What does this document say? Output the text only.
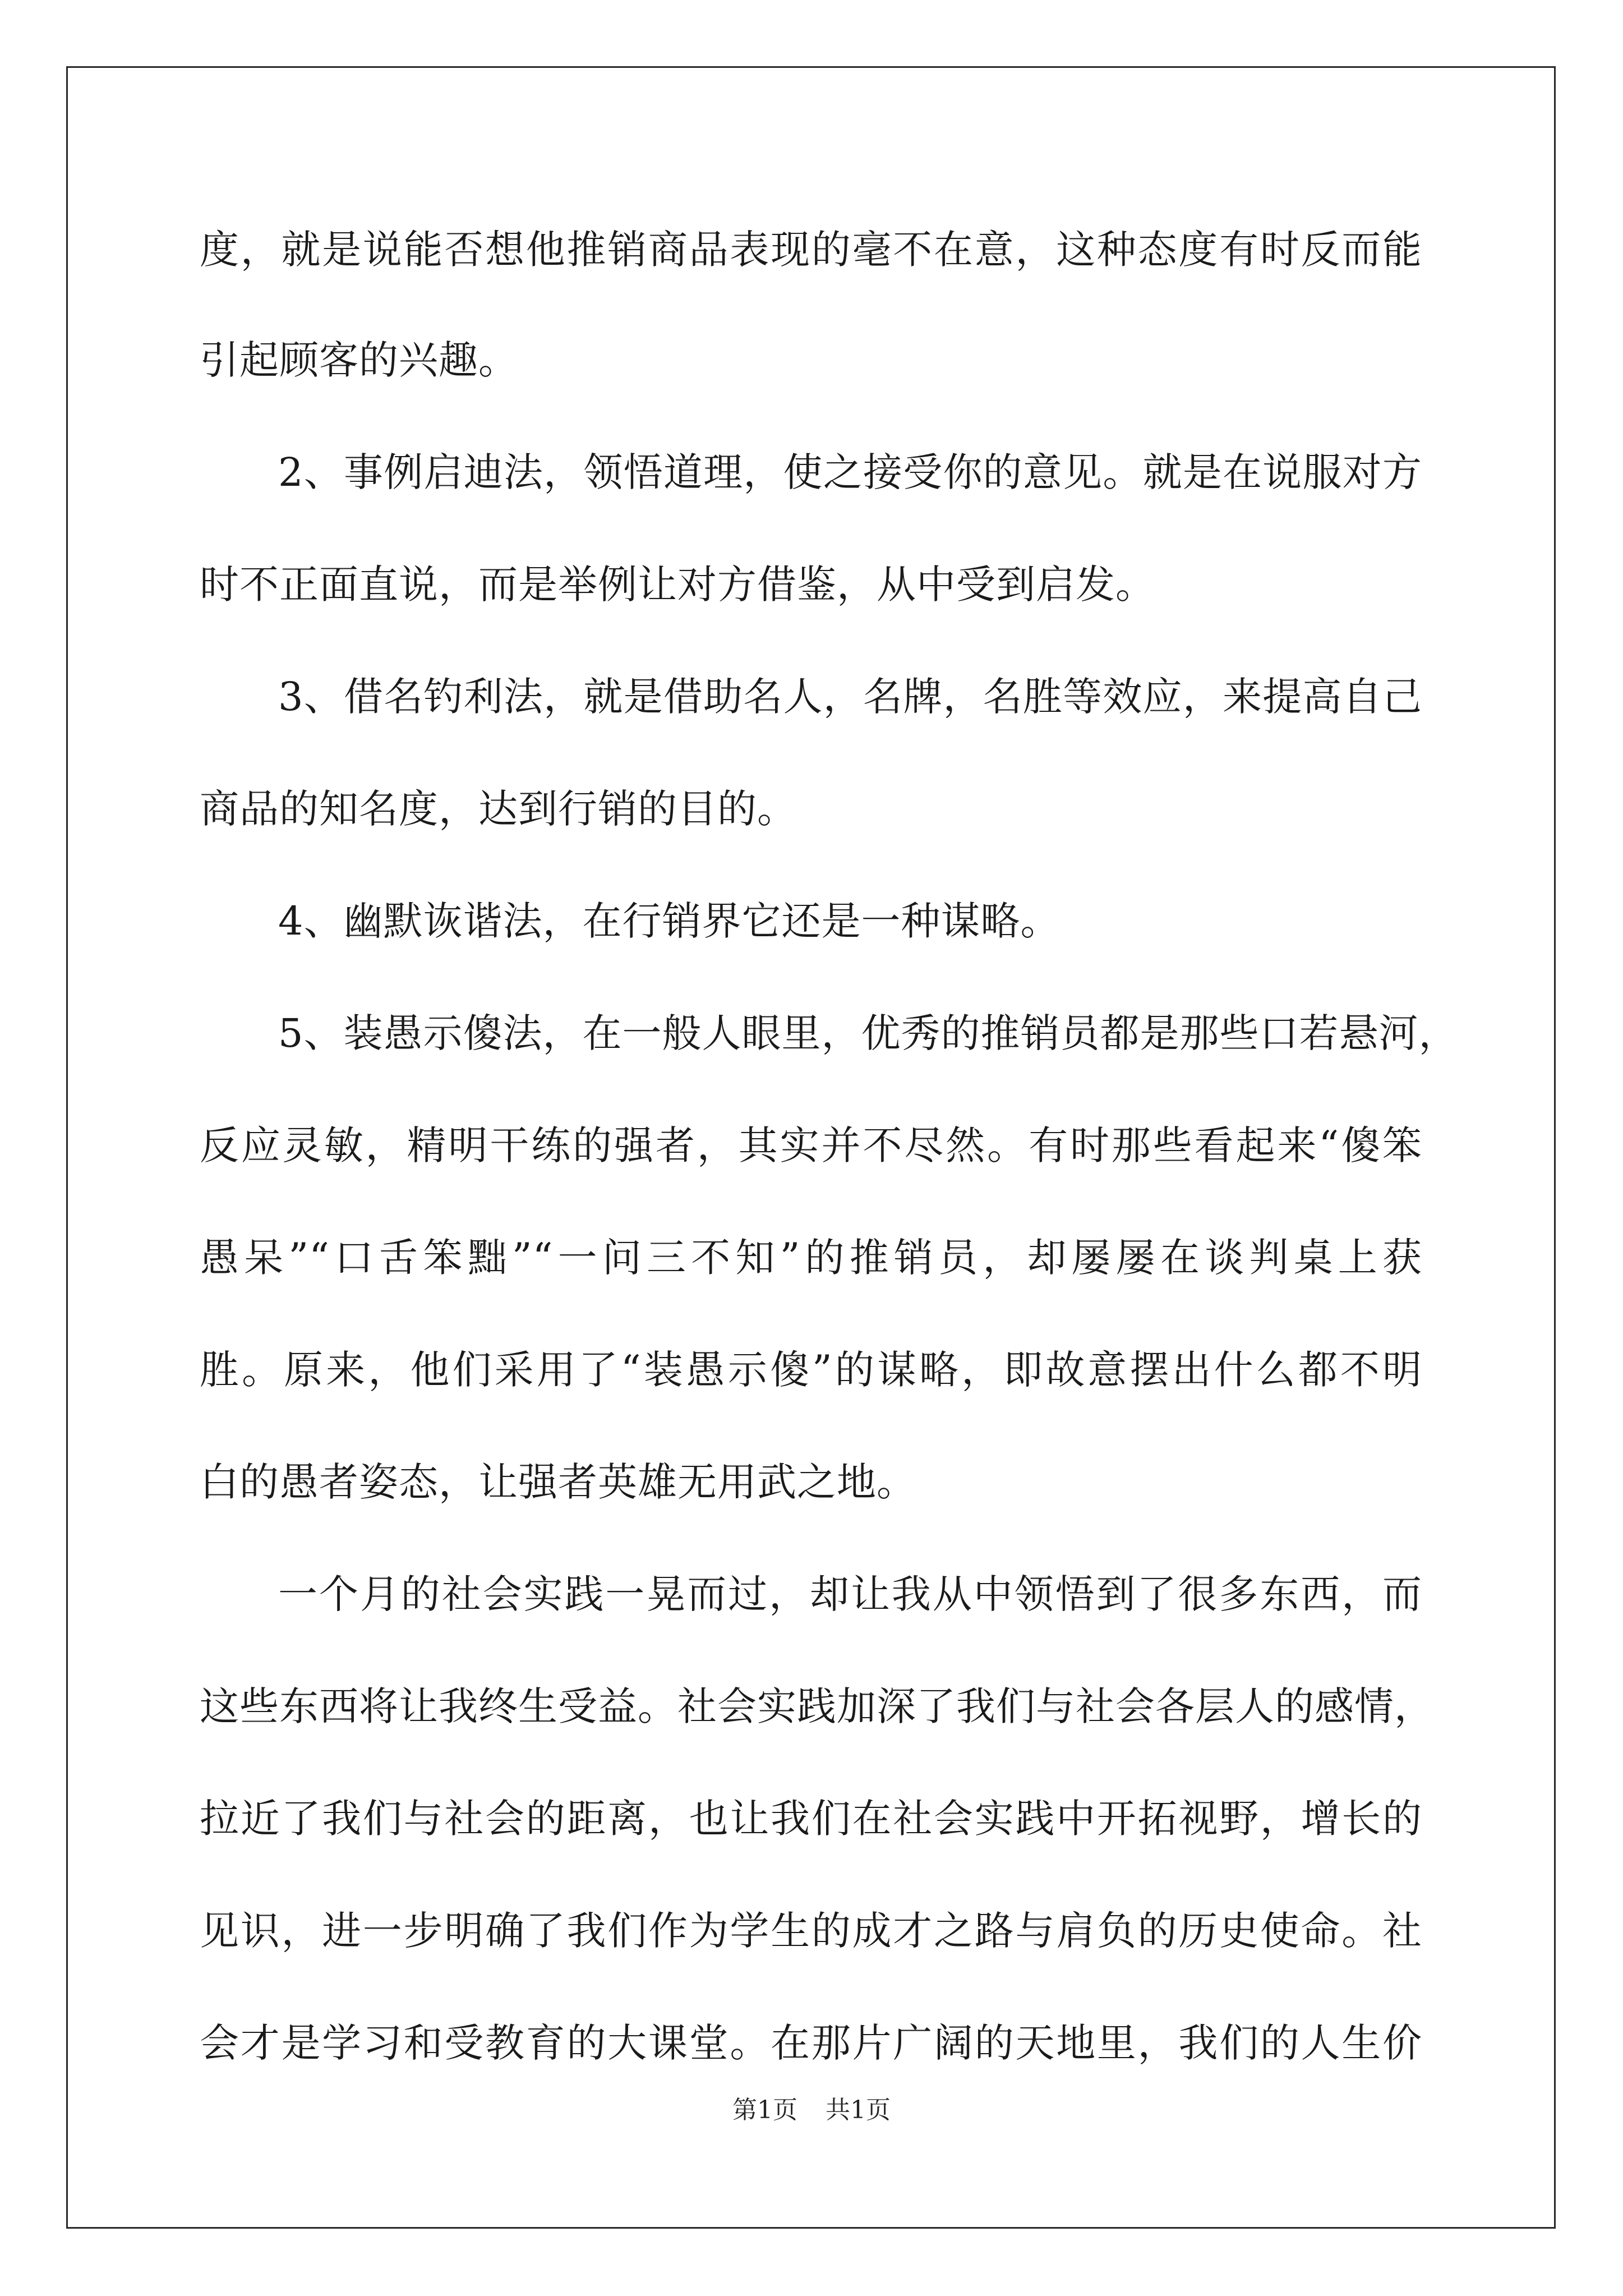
度，就是说能否想他推销商品表现的毫不在意，这种态度有时反而能
引起顾客的兴趣。
2、事例启迪法，领悟道理，使之接受你的意见。就是在说服对方
时不正面直说，而是举例让对方借鉴，从中受到启发。
3、借名钓利法，就是借助名人，名牌，名胜等效应，来提高自己
商品的知名度，达到行销的目的。
4、幽默诙谐法，在行销界它还是一种谋略。
5、装愚示傻法，在一般人眼里，优秀的推销员都是那些口若悬河，
反应灵敏，精明干练的强者，其实并不尽然。有时那些看起来“傻笨
愚呆”“口舌笨黜”“一问三不知”的推销员，却屡屡在谈判桌上获
胜。原来，他们采用了“装愚示傻”的谋略，即故意摆出什么都不明
白的愚者姿态，让强者英雄无用武之地。
一个月的社会实践一晃而过，却让我从中领悟到了很多东西，而
这些东西将让我终生受益。社会实践加深了我们与社会各层人的感情，
拉近了我们与社会的距离，也让我们在社会实践中开拓视野，增长的
见识，进一步明确了我们作为学生的成才之路与肩负的历史使命。社
会才是学习和受教育的大课堂。在那片广阔的天地里，我们的人生价
第1页 共1页
